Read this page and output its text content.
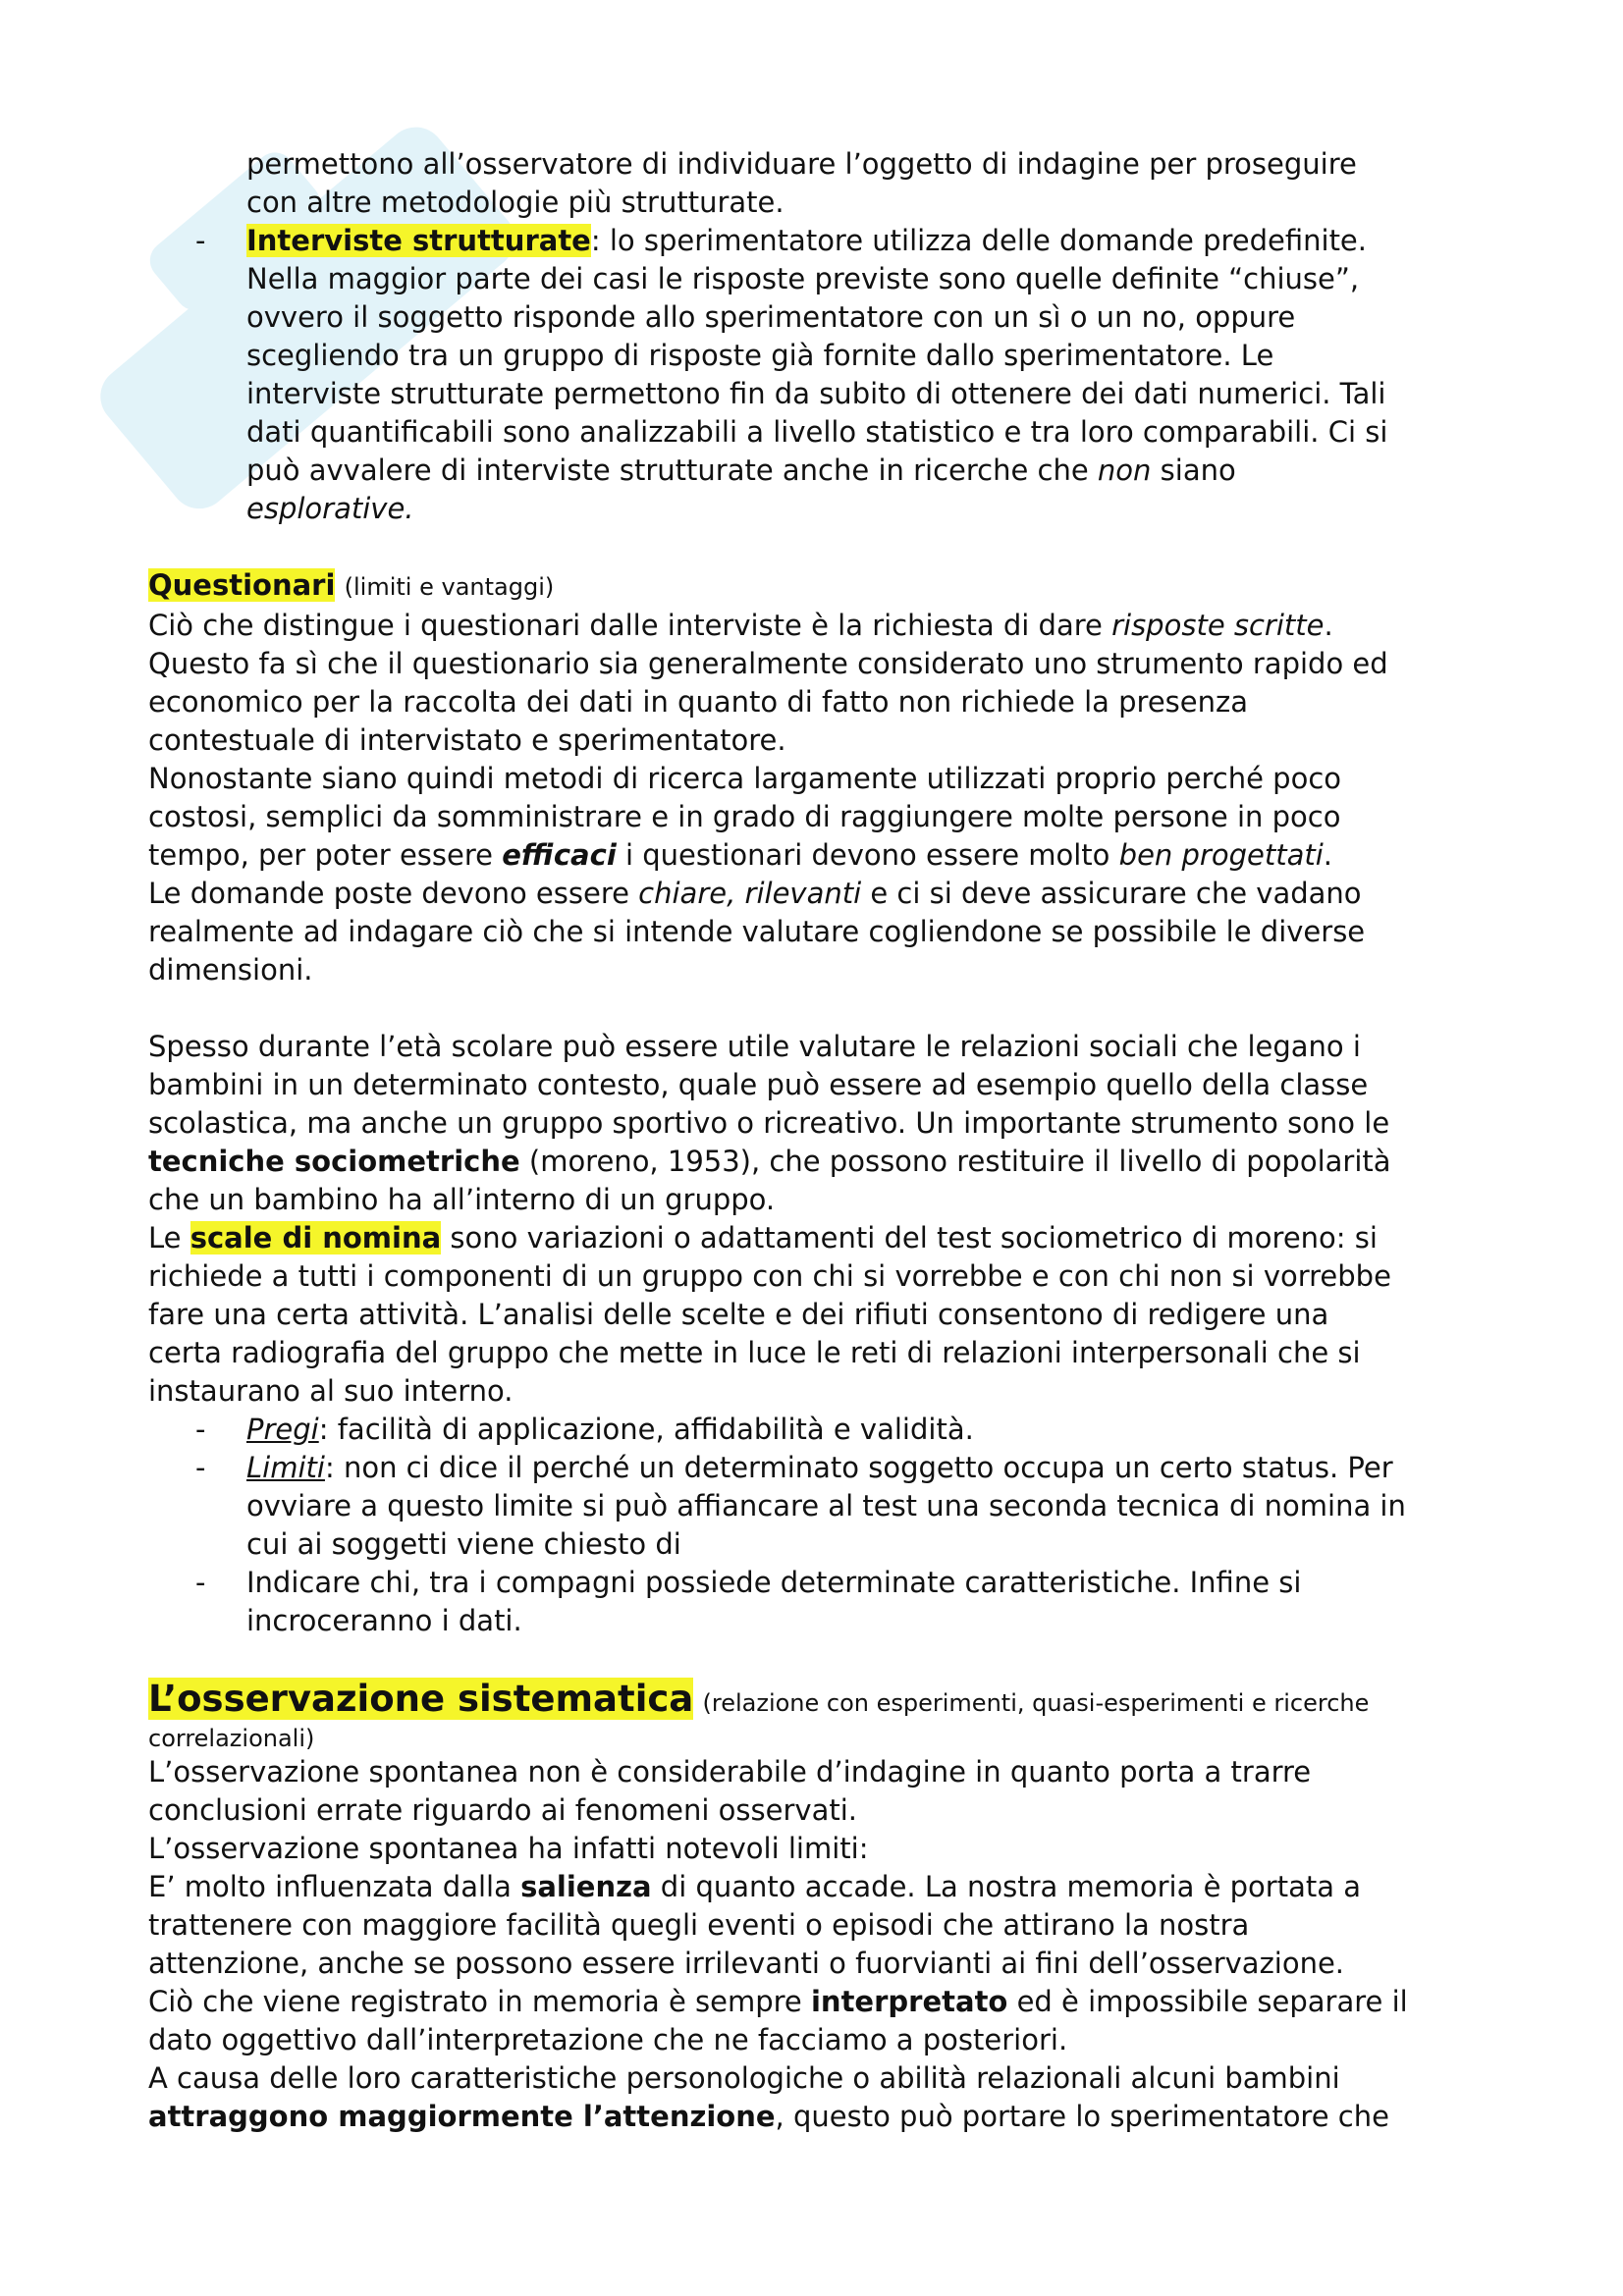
permettono all’osservatore di individuare l’oggetto di indagine per proseguire

con altre metodologie più strutturate.

- Interviste strutturate: lo sperimentatore utilizza delle domande predefinite.

Nella maggior parte dei casi le risposte previste sono quelle definite “chiuse”,

ovvero il soggetto risponde allo sperimentatore con un sì o un no, oppure

scegliendo tra un gruppo di risposte già fornite dallo sperimentatore. Le

interviste strutturate permettono fin da subito di ottenere dei dati numerici. Tali

dati quantificabili sono analizzabili a livello statistico e tra loro comparabili. Ci si

può avvalere di interviste strutturate anche in ricerche che non siano

esplorative.

Questionari (limiti e vantaggi)

Ciò che distingue i questionari dalle interviste è la richiesta di dare risposte scritte.

Questo fa sì che il questionario sia generalmente considerato uno strumento rapido ed

economico per la raccolta dei dati in quanto di fatto non richiede la presenza

contestuale di intervistato e sperimentatore.

Nonostante siano quindi metodi di ricerca largamente utilizzati proprio perché poco

costosi, semplici da somministrare e in grado di raggiungere molte persone in poco

tempo, per poter essere efficaci i questionari devono essere molto ben progettati.

Le domande poste devono essere chiare, rilevanti e ci si deve assicurare che vadano

realmente ad indagare ciò che si intende valutare cogliendone se possibile le diverse

dimensioni.

Spesso durante l’età scolare può essere utile valutare le relazioni sociali che legano i

bambini in un determinato contesto, quale può essere ad esempio quello della classe

scolastica, ma anche un gruppo sportivo o ricreativo. Un importante strumento sono le

tecniche sociometriche (moreno, 1953), che possono restituire il livello di popolarità

che un bambino ha all’interno di un gruppo.

Le scale di nomina sono variazioni o adattamenti del test sociometrico di moreno: si

richiede a tutti i componenti di un gruppo con chi si vorrebbe e con chi non si vorrebbe

fare una certa attività. L’analisi delle scelte e dei rifiuti consentono di redigere una

certa radiografia del gruppo che mette in luce le reti di relazioni interpersonali che si

instaurano al suo interno.

- Pregi: facilità di applicazione, affidabilità e validità.

- Limiti: non ci dice il perché un determinato soggetto occupa un certo status. Per

ovviare a questo limite si può affiancare al test una seconda tecnica di nomina in

cui ai soggetti viene chiesto di

- Indicare chi, tra i compagni possiede determinate caratteristiche. Infine si

incroceranno i dati.

L’osservazione sistematica (relazione con esperimenti, quasi-esperimenti e ricerche

correlazionali)

L’osservazione spontanea non è considerabile d’indagine in quanto porta a trarre

conclusioni errate riguardo ai fenomeni osservati.

L’osservazione spontanea ha infatti notevoli limiti:

E’ molto influenzata dalla salienza di quanto accade. La nostra memoria è portata a

trattenere con maggiore facilità quegli eventi o episodi che attirano la nostra

attenzione, anche se possono essere irrilevanti o fuorvianti ai fini dell’osservazione.

Ciò che viene registrato in memoria è sempre interpretato ed è impossibile separare il

dato oggettivo dall’interpretazione che ne facciamo a posteriori.

A causa delle loro caratteristiche personologiche o abilità relazionali alcuni bambini

attraggono maggiormente l’attenzione, questo può portare lo sperimentatore che
